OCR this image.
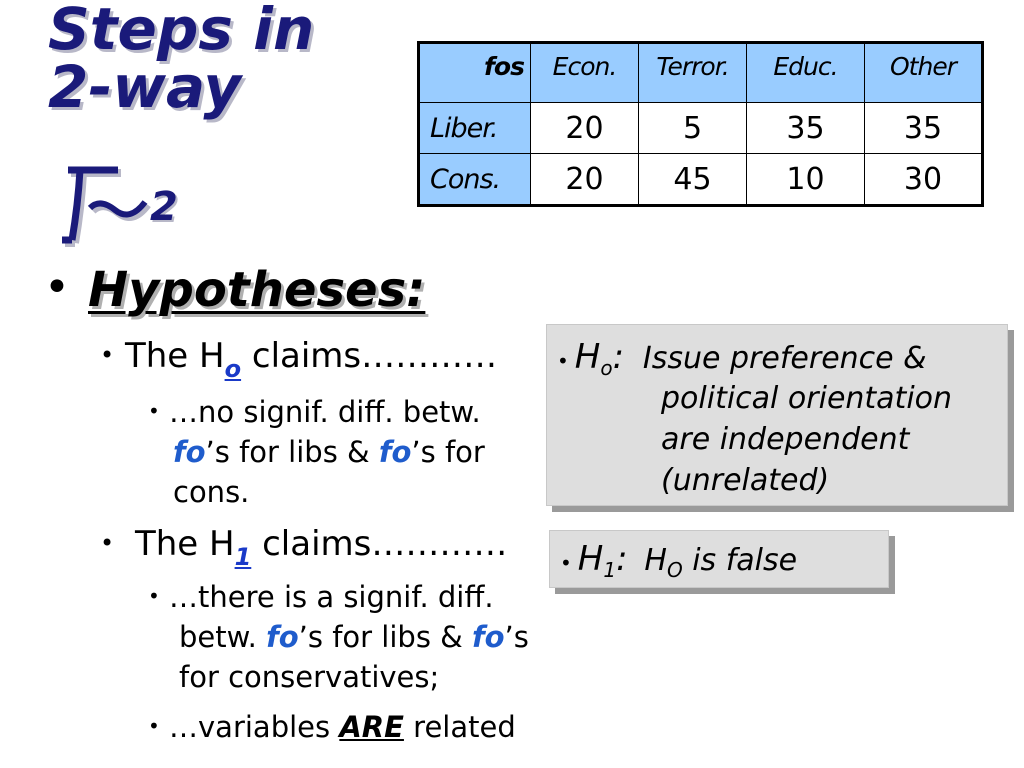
Steps in
2-way
2
fos	Econ.	Terror.	Educ.	Other
Liber.	20	5	35	35
Cons.	20	45	10	30
• Hypotheses:
• The $H_o$ claims…………
• …no signif. diff. betw.
fo’s for libs & fo’s for
cons.
• The $H_1$ claims…………
• …there is a signif. diff.
betw. fo’s for libs & fo’s
for conservatives;
• …variables ARE related
• $H_o$: Issue preference &
political orientation
are independent
(unrelated)
• $H_1$: $H_O$ is false
